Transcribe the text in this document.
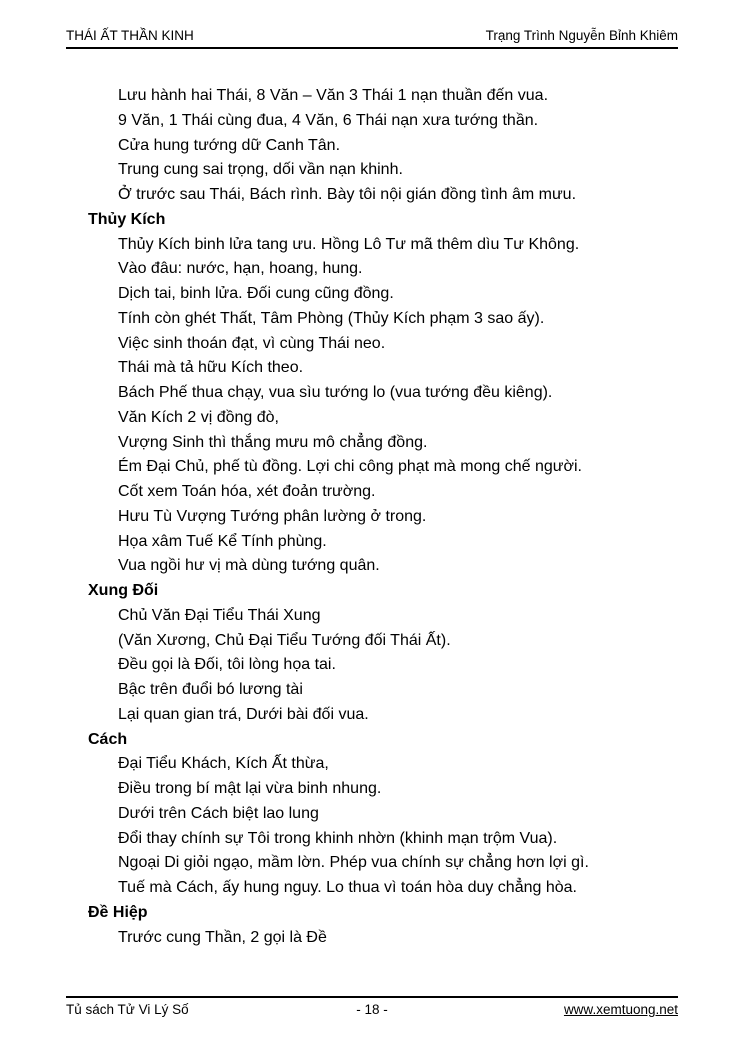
THÁI ẤT THẦN KINH	Trạng Trình Nguyễn Bỉnh Khiêm
Lưu hành hai Thái, 8 Văn – Văn 3 Thái 1 nạn thuần đến vua.
9 Văn, 1 Thái cùng đua, 4 Văn, 6 Thái nạn xưa tướng thần.
Cửa hung tướng dữ Canh Tân.
Trung cung sai trọng, dối vần nạn khinh.
Ở trước sau Thái, Bách rình. Bày tôi nội gián đồng tình âm mưu.
Thủy Kích
Thủy Kích binh lửa tang ưu. Hồng Lô Tư mã thêm dìu Tư Không.
Vào đâu: nước, hạn, hoang, hung.
Dịch tai, binh lửa. Đối cung cũng đồng.
Tính còn ghét Thất, Tâm Phòng (Thủy Kích phạm 3 sao ấy).
Việc sinh thoán đạt, vì cùng Thái neo.
Thái mà tả hữu Kích theo.
Bách Phế thua chạy, vua sìu tướng lo (vua tướng đều kiêng).
Văn Kích 2 vị đồng đò,
Vượng Sinh thì thắng mưu mô chẳng đồng.
Ém Đại Chủ, phế tù đồng. Lợi chi công phạt mà mong chế người.
Cốt xem Toán hóa, xét đoản trường.
Hưu Tù Vượng Tướng phân lường ở trong.
Họa xâm Tuế Kể Tính phùng.
Vua ngồi hư vị mà dùng tướng quân.
Xung Đối
Chủ Văn Đại Tiểu Thái Xung
(Văn Xương, Chủ Đại Tiểu Tướng đối Thái Ất).
Đều gọi là Đối, tôi lòng họa tai.
Bậc trên đuổi bó lương tài
Lại quan gian trá, Dưới bài đối vua.
Cách
Đại Tiểu Khách, Kích Ất thừa,
Điều trong bí mật lại vừa binh nhung.
Dưới trên Cách biệt lao lung
Đổi thay chính sự Tôi trong khinh nhờn (khinh mạn trộm Vua).
Ngoại Di giỏi ngạo, mầm lờn. Phép vua chính sự chẳng hơn lợi gì.
Tuế mà Cách, ấy hung nguy. Lo thua vì toán hòa duy chẳng hòa.
Đề Hiệp
Trước cung Thần, 2 gọi là Đề
Tủ sách Tử Vi Lý Số	- 18 -	www.xemtuong.net
